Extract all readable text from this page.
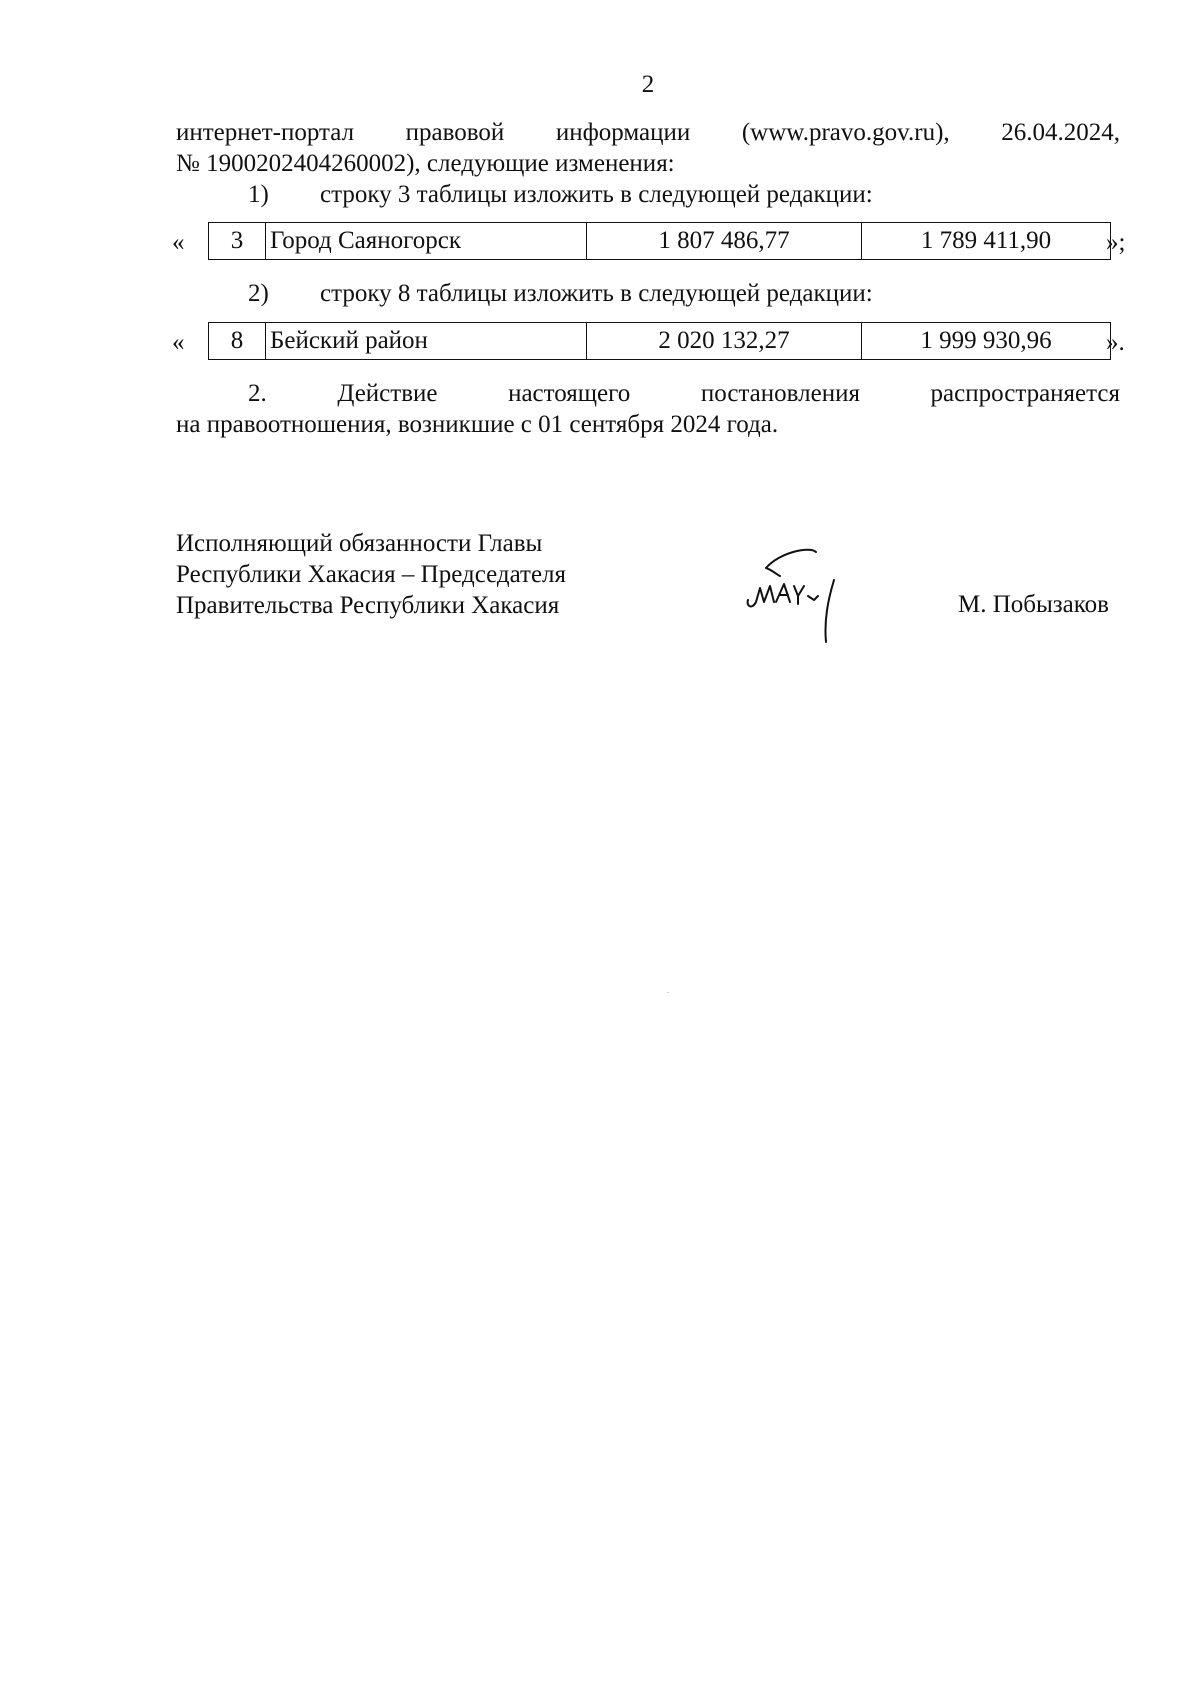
2
интернет-портал правовой информации (www.pravo.gov.ru), 26.04.2024,
№ 1900202404260002), следующие изменения:
1) строку 3 таблицы изложить в следующей редакции:
« 3	Город Саяногорск	1 807 486,77	1 789 411,90 »;
2) строку 8 таблицы изложить в следующей редакции:
« 8	Бейский район	2 020 132,27	1 999 930,96 ».
2.	Действие	настоящего	постановления	распространяется
на правоотношения, возникшие с 01 сентября 2024 года.
Исполняющий обязанности Главы
Республики Хакасия – Председателя
Правительства Республики Хакасия	М. Побызаков
